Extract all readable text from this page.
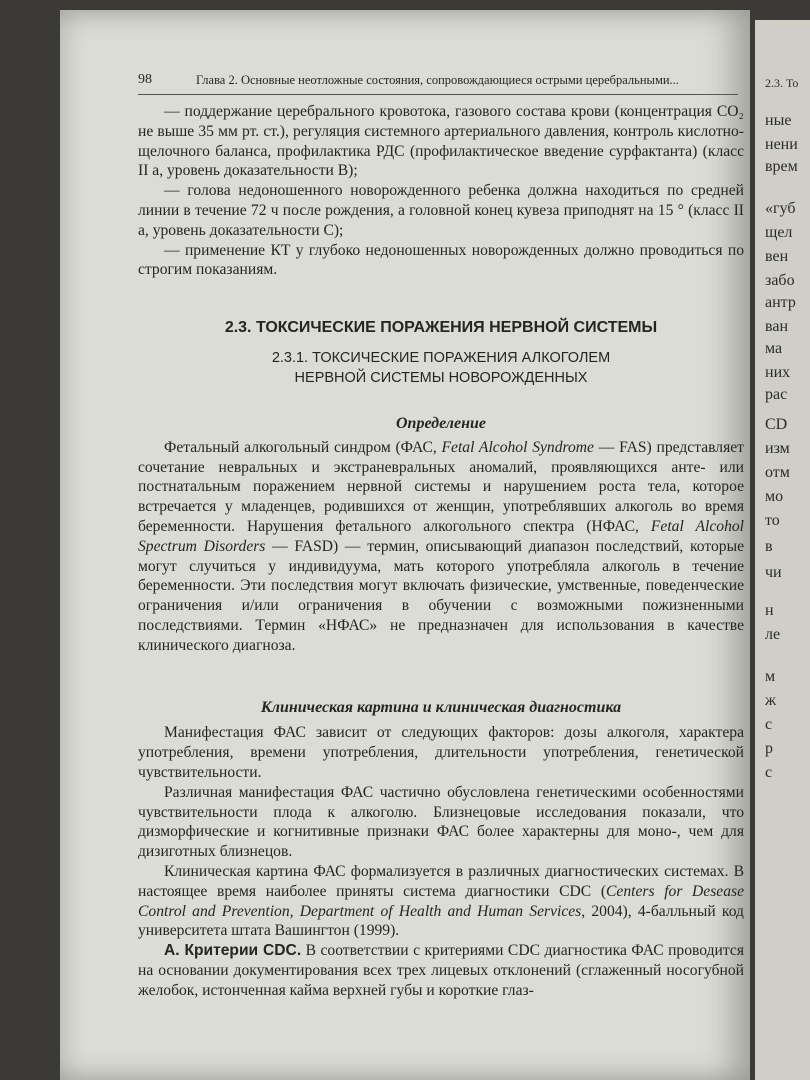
2.3. То
ные
нени
врем
«губ
щел
вен
забо
антр
ван
ма
них
рас
CD
изм
отм
мо
то
в
чи
н
ле
м
ж
с
р
с
98	Глава 2. Основные неотложные состояния, сопровождающиеся острыми церебральными...

— поддержание церебрального кровотока, газового состава крови (концентрация CO₂ не выше 35 мм рт. ст.), регуляция системного артериального давления, контроль кислотно-щелочного баланса, профилактика РДС (профилактическое введение сурфактанта) (класс II а, уровень доказательности В);

— голова недоношенного новорожденного ребенка должна находиться по средней линии в течение 72 ч после рождения, а головной конец кувеза приподнят на 15 ° (класс II а, уровень доказательности С);

— применение КТ у глубоко недоношенных новорожденных должно проводиться по строгим показаниям.

2.3. ТОКСИЧЕСКИЕ ПОРАЖЕНИЯ НЕРВНОЙ СИСТЕМЫ
2.3.1. ТОКСИЧЕСКИЕ ПОРАЖЕНИЯ АЛКОГОЛЕМ
НЕРВНОЙ СИСТЕМЫ НОВОРОЖДЕННЫХ
Определение

Фетальный алкогольный синдром (ФАС, Fetal Alcohol Syndrome — FAS) представляет сочетание невральных и экстраневральных аномалий, проявляющихся анте- или постнатальным поражением нервной системы и нарушением роста тела, которое встречается у младенцев, родившихся от женщин, употреблявших алкоголь во время беременности. Нарушения фетального алкогольного спектра (НФАС, Fetal Alcohol Spectrum Disorders — FASD) — термин, описывающий диапазон последствий, которые могут случиться у индивидуума, мать которого употребляла алкоголь в течение беременности. Эти последствия могут включать физические, умственные, поведенческие ограничения и/или ограничения в обучении с возможными пожизненными последствиями. Термин «НФАС» не предназначен для использования в качестве клинического диагноза.

Клиническая картина и клиническая диагностика

Манифестация ФАС зависит от следующих факторов: дозы алкоголя, характера употребления, времени употребления, длительности употребления, генетической чувствительности.

Различная манифестация ФАС частично обусловлена генетическими особенностями чувствительности плода к алкоголю. Близнецовые исследования показали, что дизморфические и когнитивные признаки ФАС более характерны для моно-, чем для дизиготных близнецов.

Клиническая картина ФАС формализуется в различных диагностических системах. В настоящее время наиболее приняты система диагностики CDC (Centers for Desease Control and Prevention, Department of Health and Human Services, 2004), 4-балльный код университета штата Вашингтон (1999).

А. Критерии CDC. В соответствии с критериями CDC диагностика ФАС проводится на основании документирования всех трех лицевых отклонений (сглаженный носогубной желобок, истонченная кайма верхней губы и короткие глаз-
